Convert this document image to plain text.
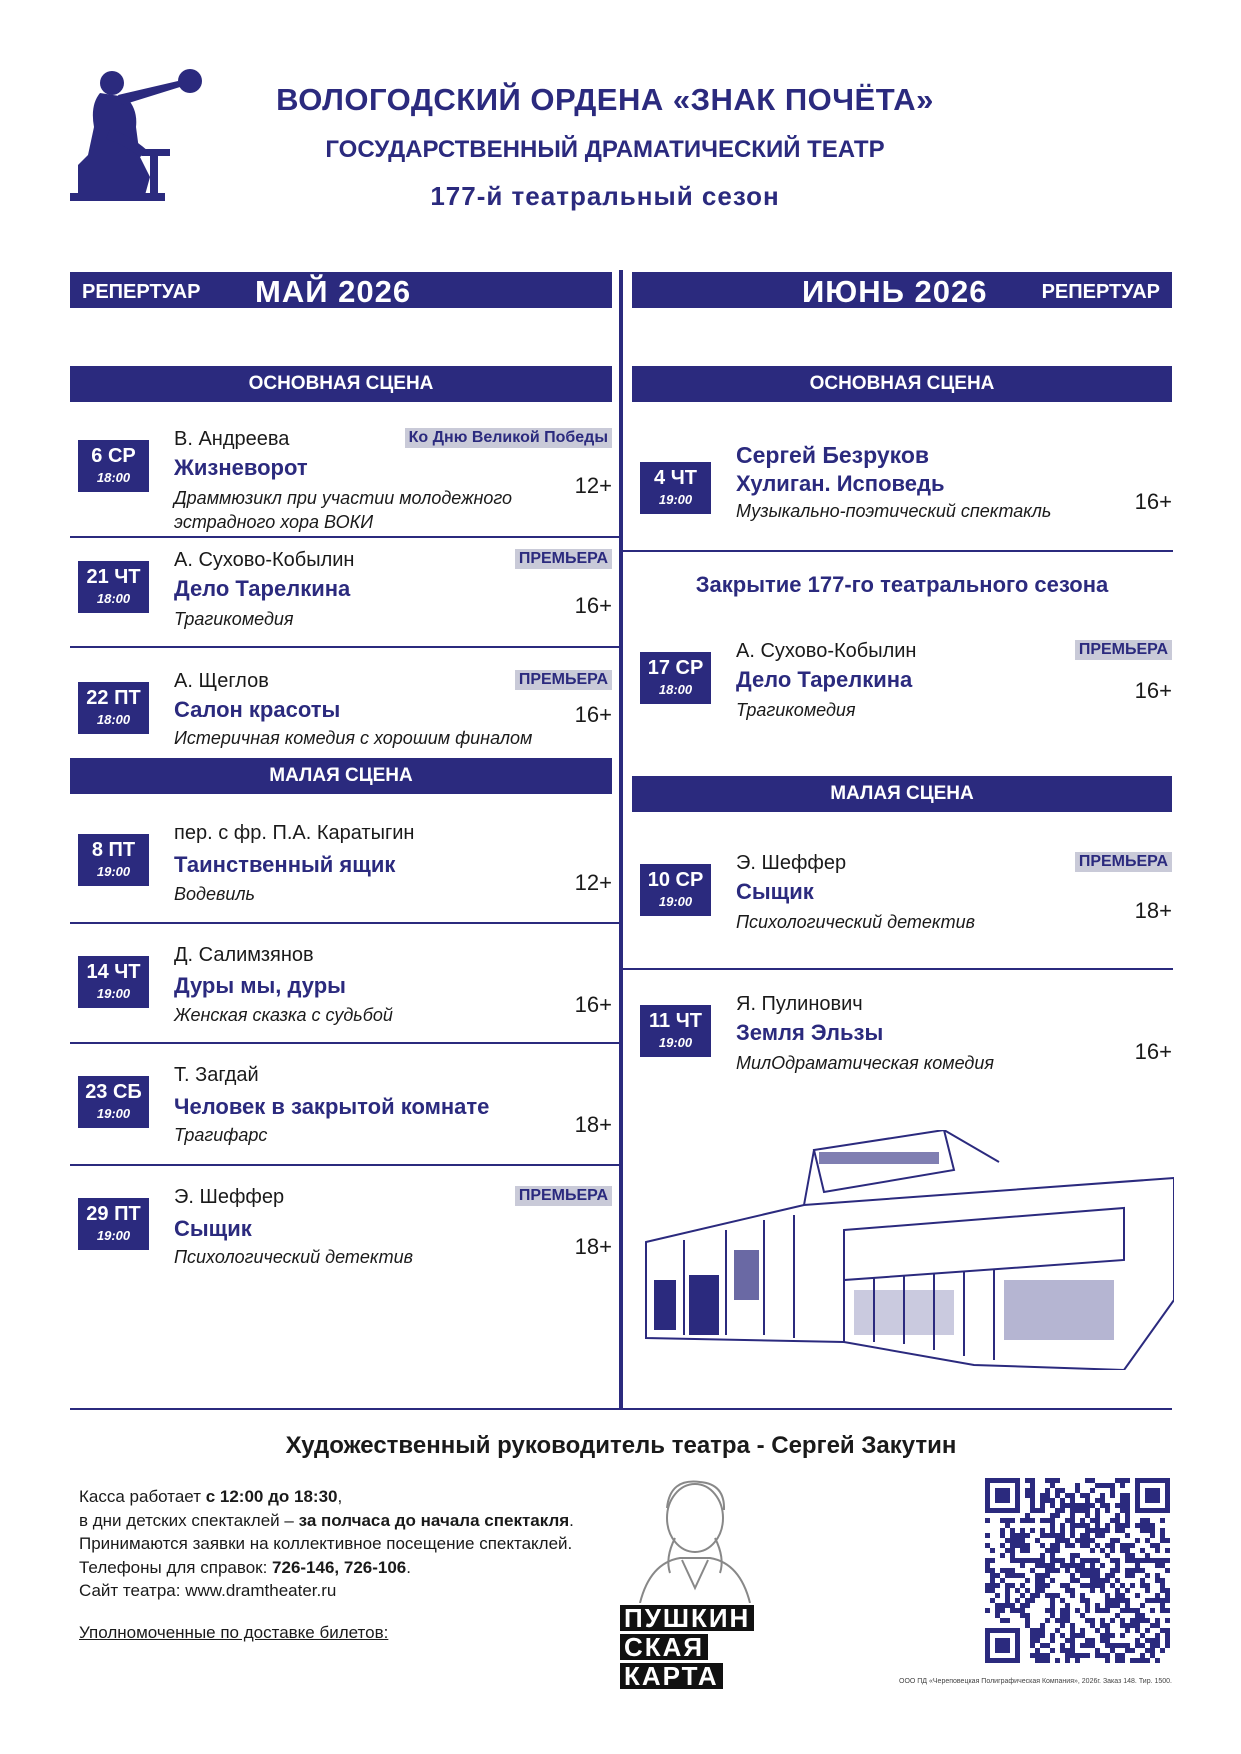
ВОЛОГОДСКИЙ ОРДЕНА «ЗНАК ПОЧЁТА»
ГОСУДАРСТВЕННЫЙ ДРАМАТИЧЕСКИЙ ТЕАТР
177-й театральный сезон
РЕПЕРТУАР МАЙ 2026	ИЮНЬ 2026	РЕПЕРТУАР
ОСНОВНАЯ СЦЕНА
6 СР
18:00
В. Андреева	Ко Дню Великой Победы
Жизневорот
Драммюзикл при участии молодежного эстрадного хора ВОКИ
12+
21 ЧТ
18:00
А. Сухово-Кобылин	ПРЕМЬЕРА
Дело Тарелкина
Трагикомедия
16+
22 ПТ
18:00
А. Щеглов	ПРЕМЬЕРА
Салон красоты
Истеричная комедия с хорошим финалом
16+
МАЛАЯ СЦЕНА
8 ПТ
19:00
пер. с фр. П.А. Каратыгин
Таинственный ящик
Водевиль	12+
14 ЧТ
19:00
Д. Салимзянов
Дуры мы, дуры
Женская сказка с судьбой	16+
23 СБ
19:00
Т. Загдай
Человек в закрытой комнате
Трагифарс	18+
29 ПТ
19:00
Э. Шеффер	ПРЕМЬЕРА
Сыщик
Психологический детектив	18+
ОСНОВНАЯ СЦЕНА
4 ЧТ
19:00
Сергей Безруков
Хулиган. Исповедь
Музыкально-поэтический спектакль	16+
Закрытие 177-го театрального сезона
17 СР
18:00
А. Сухово-Кобылин	ПРЕМЬЕРА
Дело Тарелкина
Трагикомедия
16+
МАЛАЯ СЦЕНА
10 СР
19:00
Э. Шеффер	ПРЕМЬЕРА
Сыщик
Психологический детектив	18+
11 ЧТ
19:00
Я. Пулинович
Земля Эльзы
МилОдраматическая комедия	16+
Художественный руководитель театра - Сергей Закутин
Касса работает с 12:00 до 18:30,
в дни детских спектаклей – за полчаса до начала спектакля.
Принимаются заявки на коллективное посещение спектаклей.
Телефоны для справок: 726-146, 726-106.
Сайт театра: www.dramtheater.ru
Уполномоченные по доставке билетов:	ПУШКИН
СКАЯ
КАРТА	ООО ПД «Череповецкая Полиграфическая Компания», 2026г. Заказ 148. Тир. 1500.
